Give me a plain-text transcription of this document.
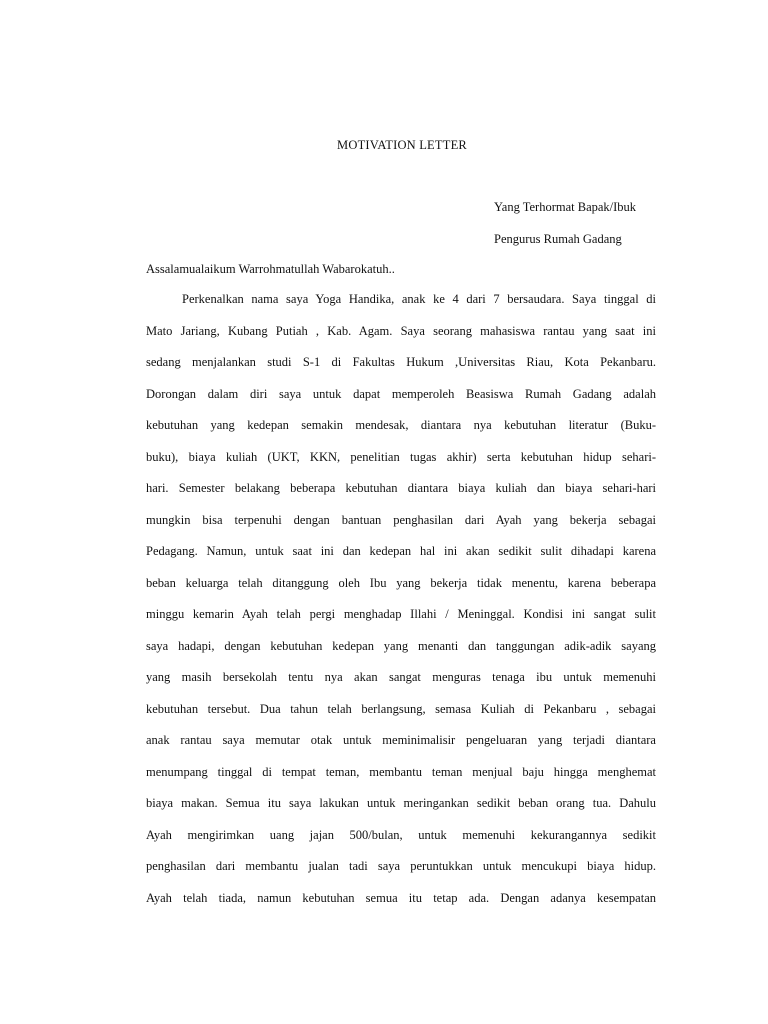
MOTIVATION LETTER
Yang Terhormat Bapak/Ibuk
Pengurus Rumah Gadang
Assalamualaikum Warrohmatullah Wabarokatuh..
Perkenalkan nama saya Yoga Handika, anak ke 4 dari 7 bersaudara. Saya tinggal di
Mato Jariang, Kubang Putiah , Kab. Agam. Saya seorang mahasiswa rantau yang saat ini
sedang menjalankan studi S-1 di Fakultas Hukum ,Universitas Riau, Kota Pekanbaru.
Dorongan dalam diri saya untuk dapat memperoleh Beasiswa Rumah Gadang adalah
kebutuhan yang kedepan semakin mendesak, diantara nya kebutuhan literatur (Buku-
buku), biaya kuliah (UKT, KKN, penelitian tugas akhir) serta kebutuhan hidup sehari-
hari. Semester belakang beberapa kebutuhan diantara biaya kuliah dan biaya sehari-hari
mungkin bisa terpenuhi dengan bantuan penghasilan dari Ayah yang bekerja sebagai
Pedagang. Namun, untuk saat ini dan kedepan hal ini akan sedikit sulit dihadapi karena
beban keluarga telah ditanggung oleh Ibu yang bekerja tidak menentu, karena beberapa
minggu kemarin Ayah telah pergi menghadap Illahi / Meninggal. Kondisi ini sangat sulit
saya hadapi, dengan kebutuhan kedepan yang menanti dan tanggungan adik-adik sayang
yang masih bersekolah tentu nya akan sangat menguras tenaga ibu untuk memenuhi
kebutuhan tersebut. Dua tahun telah berlangsung, semasa Kuliah di Pekanbaru , sebagai
anak rantau saya memutar otak untuk meminimalisir pengeluaran yang terjadi diantara
menumpang tinggal di tempat teman, membantu teman menjual baju hingga menghemat
biaya makan. Semua itu saya lakukan untuk meringankan sedikit beban orang tua. Dahulu
Ayah mengirimkan uang jajan 500/bulan, untuk memenuhi kekurangannya sedikit
penghasilan dari membantu jualan tadi saya peruntukkan untuk mencukupi biaya hidup.
Ayah telah tiada, namun kebutuhan semua itu tetap ada. Dengan adanya kesempatan
